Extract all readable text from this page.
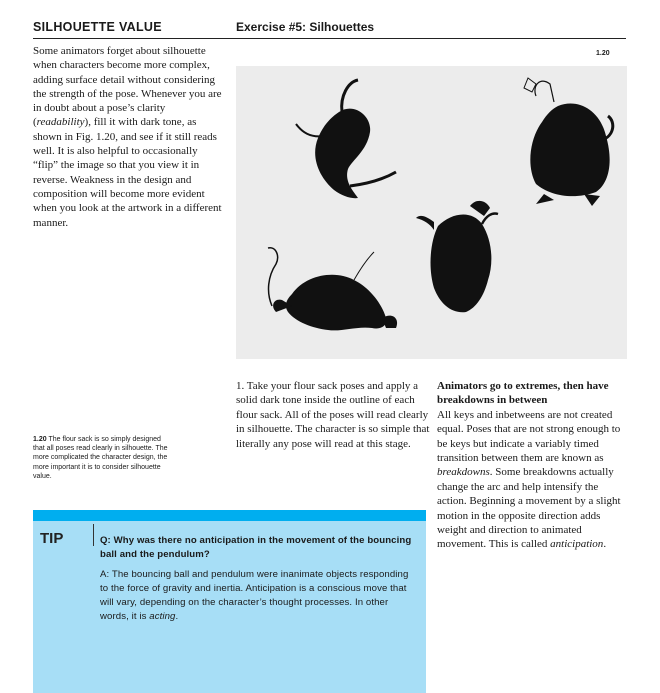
SILHOUETTE VALUE	Exercise #5: Silhouettes
Some animators forget about silhouette when characters become more complex, adding surface detail without considering the strength of the pose. Whenever you are in doubt about a pose’s clarity (readability), fill it with dark tone, as shown in Fig. 1.20, and see if it still reads well. It is also helpful to occasionally “flip” the image so that you view it in reverse. Weakness in the design and composition will become more evident when you look at the artwork in a different manner.
1.20
1.20 The flour sack is so simply designed that all poses read clearly in silhouette. The more complicated the character design, the more important it is to consider silhouette value.
1. Take your flour sack poses and apply a solid dark tone inside the outline of each flour sack. All of the poses will read clearly in silhouette. The character is so simple that literally any pose will read at this stage.
Animators go to extremes, then have breakdowns in between
All keys and inbetweens are not created equal. Poses that are not strong enough to be keys but indicate a variably timed transition between them are known as breakdowns. Some breakdowns actually change the arc and help intensify the action. Beginning a movement by a slight motion in the opposite direction adds weight and direction to animated movement. This is called anticipation.
TIP	Q: Why was there no anticipation in the movement of the bouncing ball and the pendulum?
A: The bouncing ball and pendulum were inanimate objects responding to the force of gravity and inertia. Anticipation is a conscious move that will vary, depending on the character’s thought processes. In other words, it is acting.
